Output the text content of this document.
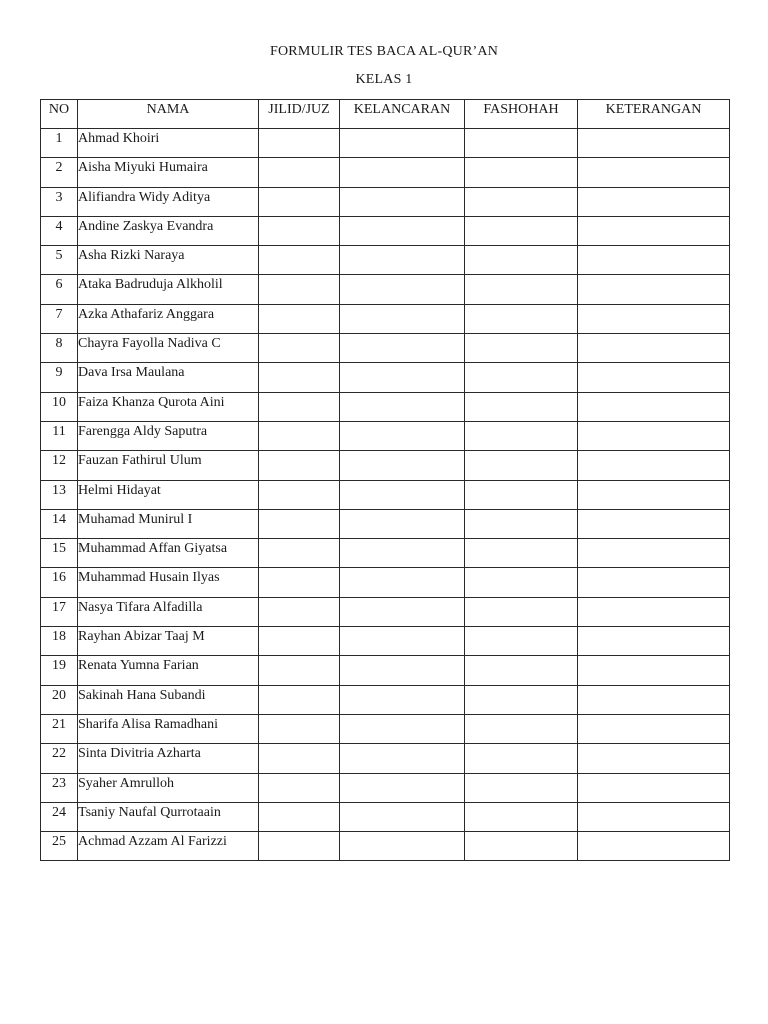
FORMULIR TES BACA AL-QUR’AN
KELAS 1
NO	NAMA	JILID/JUZ	KELANCARAN	FASHOHAH	KETERANGAN
1	Ahmad Khoiri				
2	Aisha Miyuki Humaira				
3	Alifiandra Widy Aditya				
4	Andine Zaskya Evandra				
5	Asha Rizki Naraya				
6	Ataka Badruduja Alkholil				
7	Azka Athafariz Anggara				
8	Chayra Fayolla Nadiva C				
9	Dava Irsa Maulana				
10	Faiza Khanza Qurota Aini				
11	Farengga Aldy Saputra				
12	Fauzan Fathirul Ulum				
13	Helmi Hidayat				
14	Muhamad Munirul I				
15	Muhammad Affan Giyatsa				
16	Muhammad Husain Ilyas				
17	Nasya Tifara Alfadilla				
18	Rayhan Abizar Taaj M				
19	Renata Yumna Farian				
20	Sakinah Hana Subandi				
21	Sharifa Alisa Ramadhani				
22	Sinta Divitria Azharta				
23	Syaher Amrulloh				
24	Tsaniy Naufal Qurrotaain				
25	Achmad Azzam Al Farizzi				
